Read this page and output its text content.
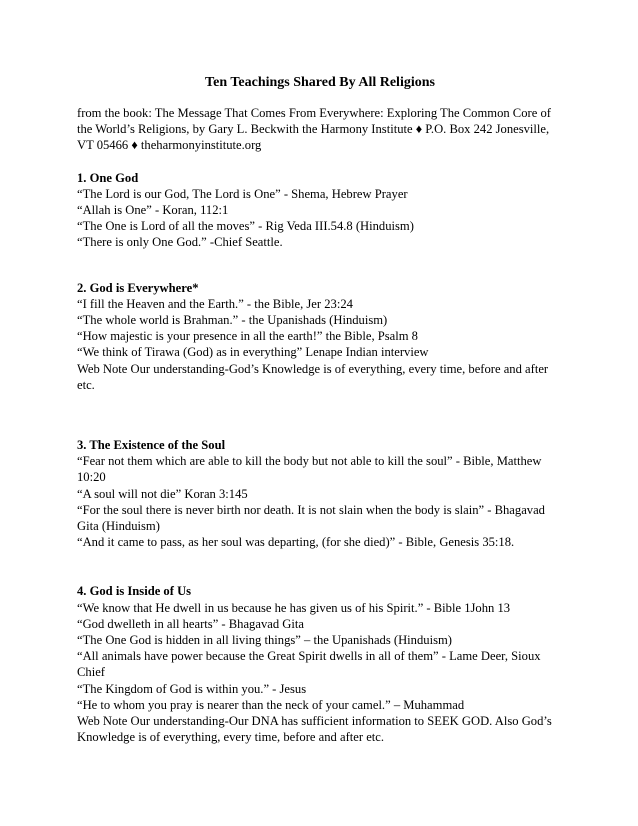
Ten Teachings Shared By All Religions

from the book: The Message That Comes From Everywhere: Exploring The Common Core of the World’s Religions, by Gary L. Beckwith the Harmony Institute ♦ P.O. Box 242 Jonesville, VT 05466 ♦ theharmonyinstitute.org

1. One God

“The Lord is our God, The Lord is One” - Shema, Hebrew Prayer

“Allah is One” - Koran, 112:1

“The One is Lord of all the moves” - Rig Veda III.54.8 (Hinduism)

“There is only One God.” -Chief Seattle.

2. God is Everywhere*

“I fill the Heaven and the Earth.” - the Bible, Jer 23:24

“The whole world is Brahman.” - the Upanishads (Hinduism)

“How majestic is your presence in all the earth!” the Bible, Psalm 8

“We think of Tirawa (God) as in everything” Lenape Indian interview

Web Note Our understanding-God’s Knowledge is of everything, every time, before and after etc.

3. The Existence of the Soul

“Fear not them which are able to kill the body but not able to kill the soul” - Bible, Matthew 10:20

“A soul will not die” Koran 3:145

“For the soul there is never birth nor death. It is not slain when the body is slain” - Bhagavad Gita (Hinduism)

“And it came to pass, as her soul was departing, (for she died)” - Bible, Genesis 35:18.

4. God is Inside of Us

“We know that He dwell in us because he has given us of his Spirit.” - Bible 1John 13

“God dwelleth in all hearts” - Bhagavad Gita

“The One God is hidden in all living things” – the Upanishads (Hinduism)

“All animals have power because the Great Spirit dwells in all of them” - Lame Deer, Sioux Chief

“The Kingdom of God is within you.” - Jesus

“He to whom you pray is nearer than the neck of your camel.” – Muhammad

Web Note Our understanding-Our DNA has sufficient information to SEEK GOD. Also God’s Knowledge is of everything, every time, before and after etc.
